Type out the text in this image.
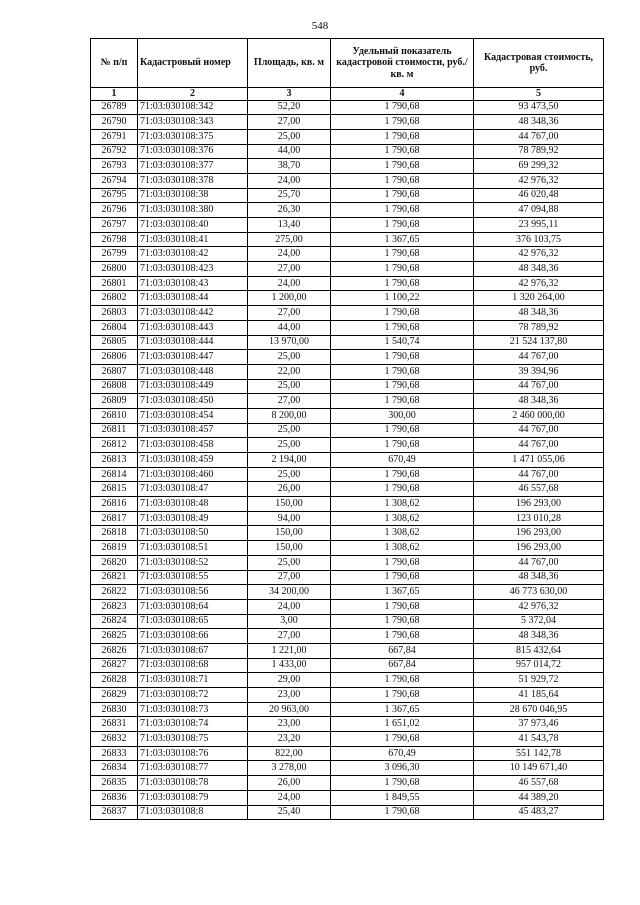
548
№ п/п	Кадастровый номер	Площадь, кв. м	Удельный показатель кадастровой стоимости, руб./кв. м	Кадастровая стоимость, руб.
1	2	3	4	5
26789	71:03:030108:342	52,20	1 790,68	93 473,50
26790	71:03:030108:343	27,00	1 790,68	48 348,36
26791	71:03:030108:375	25,00	1 790,68	44 767,00
26792	71:03:030108:376	44,00	1 790,68	78 789,92
26793	71:03:030108:377	38,70	1 790,68	69 299,32
26794	71:03:030108:378	24,00	1 790,68	42 976,32
26795	71:03:030108:38	25,70	1 790,68	46 020,48
26796	71:03:030108:380	26,30	1 790,68	47 094,88
26797	71:03:030108:40	13,40	1 790,68	23 995,11
26798	71:03:030108:41	275,00	1 367,65	376 103,75
26799	71:03:030108:42	24,00	1 790,68	42 976,32
26800	71:03:030108:423	27,00	1 790,68	48 348,36
26801	71:03:030108:43	24,00	1 790,68	42 976,32
26802	71:03:030108:44	1 200,00	1 100,22	1 320 264,00
26803	71:03:030108:442	27,00	1 790,68	48 348,36
26804	71:03:030108:443	44,00	1 790,68	78 789,92
26805	71:03:030108:444	13 970,00	1 540,74	21 524 137,80
26806	71:03:030108:447	25,00	1 790,68	44 767,00
26807	71:03:030108:448	22,00	1 790,68	39 394,96
26808	71:03:030108:449	25,00	1 790,68	44 767,00
26809	71:03:030108:450	27,00	1 790,68	48 348,36
26810	71:03:030108:454	8 200,00	300,00	2 460 000,00
26811	71:03:030108:457	25,00	1 790,68	44 767,00
26812	71:03:030108:458	25,00	1 790,68	44 767,00
26813	71:03:030108:459	2 194,00	670,49	1 471 055,06
26814	71:03:030108:460	25,00	1 790,68	44 767,00
26815	71:03:030108:47	26,00	1 790,68	46 557,68
26816	71:03:030108:48	150,00	1 308,62	196 293,00
26817	71:03:030108:49	94,00	1 308,62	123 010,28
26818	71:03:030108:50	150,00	1 308,62	196 293,00
26819	71:03:030108:51	150,00	1 308,62	196 293,00
26820	71:03:030108:52	25,00	1 790,68	44 767,00
26821	71:03:030108:55	27,00	1 790,68	48 348,36
26822	71:03:030108:56	34 200,00	1 367,65	46 773 630,00
26823	71:03:030108:64	24,00	1 790,68	42 976,32
26824	71:03:030108:65	3,00	1 790,68	5 372,04
26825	71:03:030108:66	27,00	1 790,68	48 348,36
26826	71:03:030108:67	1 221,00	667,84	815 432,64
26827	71:03:030108:68	1 433,00	667,84	957 014,72
26828	71:03:030108:71	29,00	1 790,68	51 929,72
26829	71:03:030108:72	23,00	1 790,68	41 185,64
26830	71:03:030108:73	20 963,00	1 367,65	28 670 046,95
26831	71:03:030108:74	23,00	1 651,02	37 973,46
26832	71:03:030108:75	23,20	1 790,68	41 543,78
26833	71:03:030108:76	822,00	670,49	551 142,78
26834	71:03:030108:77	3 278,00	3 096,30	10 149 671,40
26835	71:03:030108:78	26,00	1 790,68	46 557,68
26836	71:03:030108:79	24,00	1 849,55	44 389,20
26837	71:03:030108:8	25,40	1 790,68	45 483,27
